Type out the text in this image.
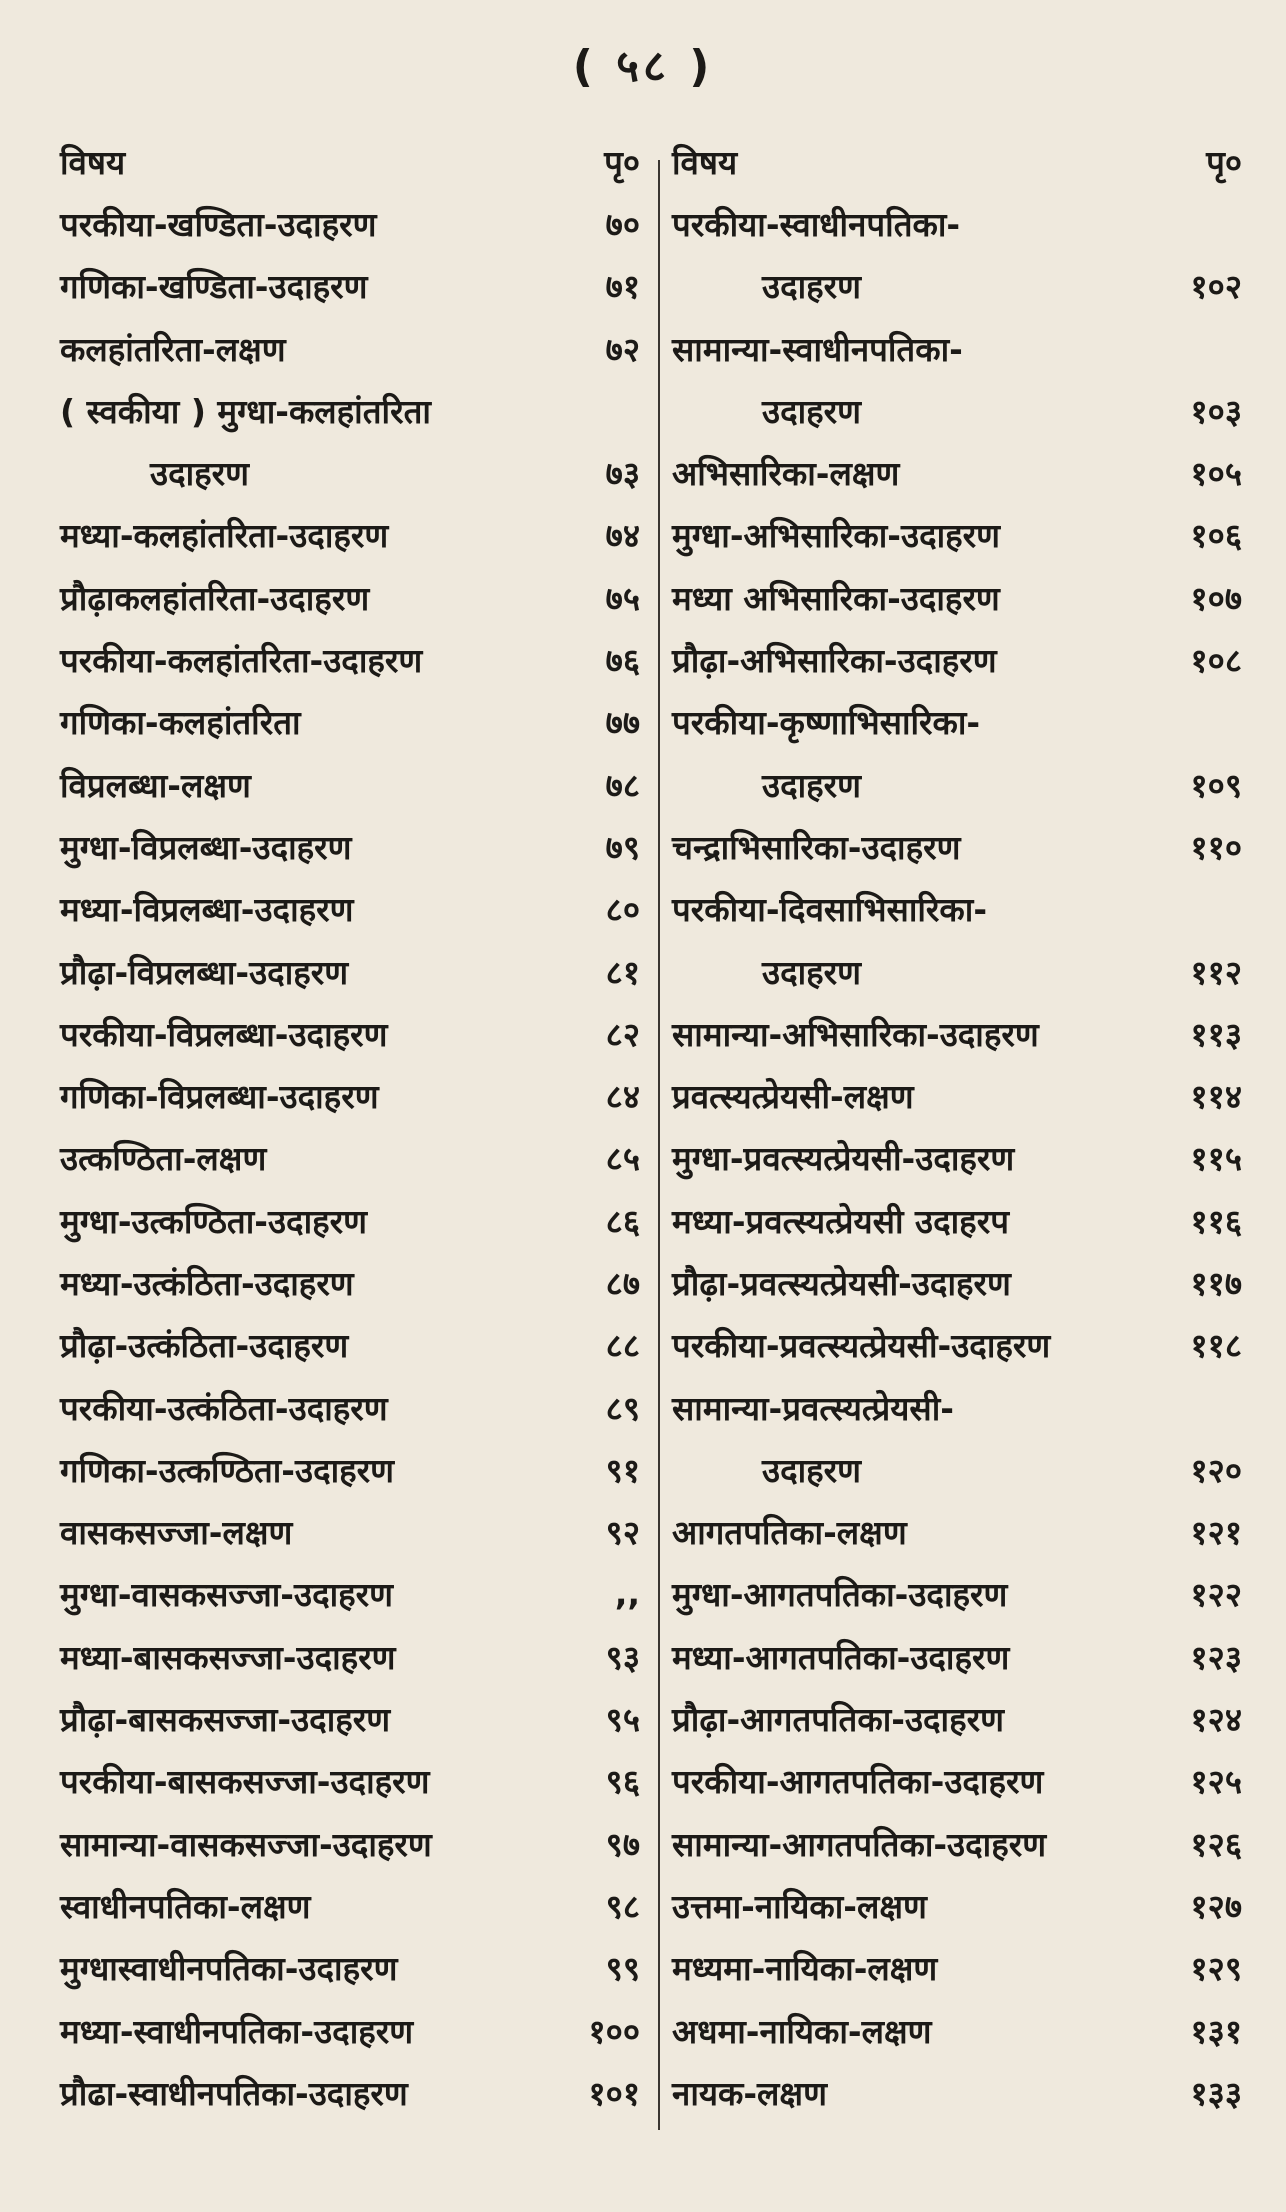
( ५८ )
विषय	पृ०
परकीया-खण्डिता-उदाहरण	७०
गणिका-खण्डिता-उदाहरण	७१
कलहांतरिता-लक्षण	७२
( स्वकीया ) मुग्धा-कलहांतरिता
उदाहरण	७३
मध्या-कलहांतरिता-उदाहरण	७४
प्रौढ़ाकलहांतरिता-उदाहरण	७५
परकीया-कलहांतरिता-उदाहरण	७६
गणिका-कलहांतरिता	७७
विप्रलब्धा-लक्षण	७८
मुग्धा-विप्रलब्धा-उदाहरण	७९
मध्या-विप्रलब्धा-उदाहरण	८०
प्रौढ़ा-विप्रलब्धा-उदाहरण	८१
परकीया-विप्रलब्धा-उदाहरण	८२
गणिका-विप्रलब्धा-उदाहरण	८४
उत्कण्ठिता-लक्षण	८५
मुग्धा-उत्कण्ठिता-उदाहरण	८६
मध्या-उत्कंठिता-उदाहरण	८७
प्रौढ़ा-उत्कंठिता-उदाहरण	८८
परकीया-उत्कंठिता-उदाहरण	८९
गणिका-उत्कण्ठिता-उदाहरण	९१
वासकसज्जा-लक्षण	९२
मुग्धा-वासकसज्जा-उदाहरण	,,
मध्या-बासकसज्जा-उदाहरण	९३
प्रौढ़ा-बासकसज्जा-उदाहरण	९५
परकीया-बासकसज्जा-उदाहरण	९६
सामान्या-वासकसज्जा-उदाहरण	९७
स्वाधीनपतिका-लक्षण	९८
मुग्धास्वाधीनपतिका-उदाहरण	९९
मध्या-स्वाधीनपतिका-उदाहरण	१००
प्रौढा-स्वाधीनपतिका-उदाहरण	१०१
विषय	पृ०
परकीया-स्वाधीनपतिका-
उदाहरण	१०२
सामान्या-स्वाधीनपतिका-
उदाहरण	१०३
अभिसारिका-लक्षण	१०५
मुग्धा-अभिसारिका-उदाहरण	१०६
मध्या अभिसारिका-उदाहरण	१०७
प्रौढ़ा-अभिसारिका-उदाहरण	१०८
परकीया-कृष्णाभिसारिका-
उदाहरण	१०९
चन्द्राभिसारिका-उदाहरण	११०
परकीया-दिवसाभिसारिका-
उदाहरण	११२
सामान्या-अभिसारिका-उदाहरण	११३
प्रवत्स्यत्प्रेयसी-लक्षण	११४
मुग्धा-प्रवत्स्यत्प्रेयसी-उदाहरण	११५
मध्या-प्रवत्स्यत्प्रेयसी उदाहरप	११६
प्रौढ़ा-प्रवत्स्यत्प्रेयसी-उदाहरण	११७
परकीया-प्रवत्स्यत्प्रेयसी-उदाहरण	११८
सामान्या-प्रवत्स्यत्प्रेयसी-
उदाहरण	१२०
आगतपतिका-लक्षण	१२१
मुग्धा-आगतपतिका-उदाहरण	१२२
मध्या-आगतपतिका-उदाहरण	१२३
प्रौढ़ा-आगतपतिका-उदाहरण	१२४
परकीया-आगतपतिका-उदाहरण	१२५
सामान्या-आगतपतिका-उदाहरण	१२६
उत्तमा-नायिका-लक्षण	१२७
मध्यमा-नायिका-लक्षण	१२९
अधमा-नायिका-लक्षण	१३१
नायक-लक्षण	१३३
